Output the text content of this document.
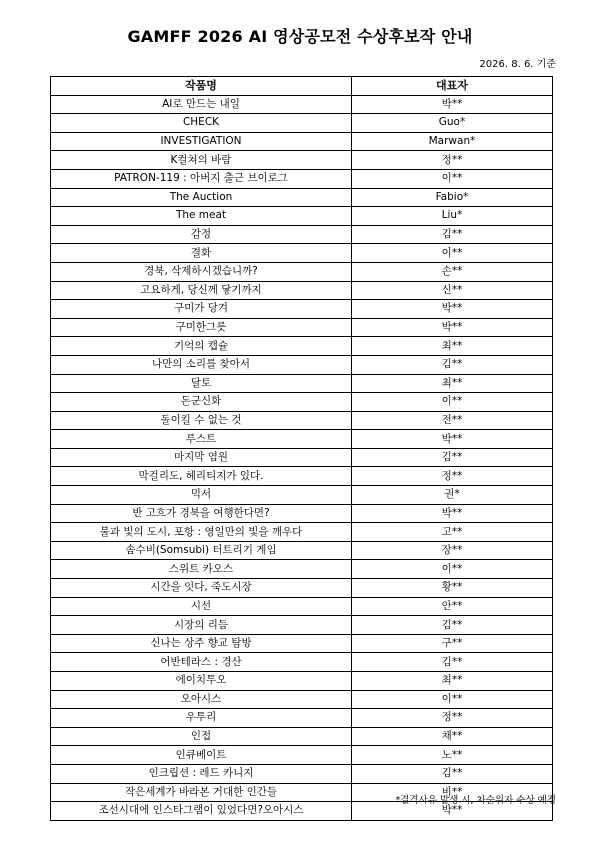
GAMFF 2026 AI 영상공모전 수상후보작 안내
2026. 8. 6. 기준
작품명	대표자
AI로 만드는 내일	박**
CHECK	Guo*
INVESTIGATION	Marwan*
K컬쳐의 바람	정**
PATRON-119 : 아버지 출근 브이로그	이**
The Auction	Fabio*
The meat	Liu*
감정	김**
결화	이**
경북, 삭제하시겠습니까?	손**
고요하게, 당신께 닿기까지	신**
구미가 당겨	박**
구미한그릇	박**
기억의 캡슐	최**
나만의 소리를 찾아서	김**
달토	최**
돈군신화	이**
돌이킬 수 없는 것	전**
루스트	박**
마지막 염원	김**
막걸리도, 헤리티지가 있다.	정**
믹서	권*
반 고흐가 경북을 여행한다면?	박**
불과 빛의 도시, 포항 : 영일만의 빛을 깨우다	고**
솜수비(Somsubi) 터트리기 게임	장**
스위트 카오스	이**
시간을 잇다, 죽도시장	황**
시선	안**
시장의 리듬	김**
신나는 상주 향교 탐방	구**
어반테라스 : 경산	김**
에이치투오	최**
오아시스	이**
우투리	정**
인접	채**
인큐베이트	노**
인크립션 : 레드 카니지	김**
작은세계가 바라본 거대한 인간들	비**
조선시대에 인스타그램이 있었다면?오아시스	박**
*결격사유 발생 시, 차순위자 수상 예정
